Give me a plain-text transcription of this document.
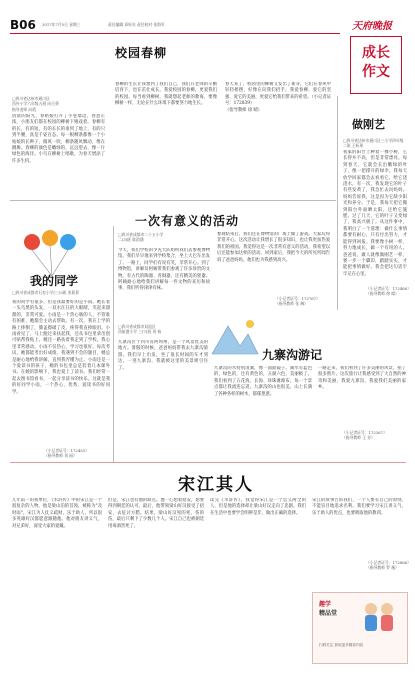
B06 2017年7月5日 星期三	责任编辑 章旺年 责任校对 张海军	天府晚报
成长
作文
校园春柳
□四川省达州市通川区
西外小学六年级五班 向日葵
指导老师 向霞
清晨的阳光，春姑娘打开了小巷墙边，春意正浓，小朋友们都在校园的柳树下嬉戏着。春柳有的长，有的短，有的长长的垂到了地上，有的只到半腰，真是千姿百态。每一根柳条都像一个小姑娘的长辫子，微风一吹，柳条随风飘动，像在跳舞。春柳的颜色是嫩绿的，远远望去，像一片绿色的海洋。小鸟在柳树上唱歌，为春天增添了许多生机。
春柳的生长让我想到了我们自己，我们在老师的辛勤培育下，也在茁壮成长。我爱校园的春柳，更爱我们的校园。每当看到柳树，我就想起老师的教诲，要像柳树一样，无论在什么环境下都要努力地生长。
春天来了，校园里的柳树又发出了新芽，它们在春风中轻轻摇摆，好像在向我们招手。我爱春柳，爱它的坚强，爱它的美丽，更爱它给我们带来的希望。（小记者证号：172839）
（指导教师 徐 晴）
做刚艺
□四川省达州市通川区三小学四年级二班 王昕瑶
我家的阳台上种着一棵小树，它长得并不高，但是非常漂亮。每到春天，它就会长出嫩绿的叶子，像一把撑开的绿伞。我每天放学回家都会去看看它，给它浇浇水。有一次，我发现它的叶子有些发黄了，我急忙去问妈妈。妈妈告诉我，这是因为它缺少阳光和养分。于是，我每天把它搬到阳台外面晒太阳，还给它施肥。过了几天，它的叶子又变绿了，我高兴极了。从这件事中，我明白了一个道理：做什么事情都要有耐心，只有付出努力，才能得到回报。我要像小树一样，努力地成长，做一个有用的人。爸爸说，做人就像做刚艺一样，要一步一个脚印，踏踏实实，才能把事情做好。我会把这句话牢牢记在心里。
（小记者证号：172466）
（指导教师 徐 晴）
一次有意义的活动
□四川省成都市二十五小学
二(3)班 陈韵涵
今天，我们学校的少先大队组织我们去参观博物馆。我们早早地来到学校集合，坐上大巴车出发了。一路上，同学们有说有笑，非常开心。到了博物馆，讲解员阿姨带我们参观了许多珍贵的文物。有古代的陶器、青铜器，还有精美的瓷器。阿姨耐心地给我们讲解每一件文物的来历和故事，我们听得津津有味。
参观结束后，我们还在博物馆的广场上做了游戏。大家玩得非常开心。这次活动让我增长了很多知识，也让我更加热爱我们的祖国。我觉得这是一次非常有意义的活动，我希望以后还能参加这样的活动。回到家后，我把今天的所见所闻告诉了爸爸妈妈，他们也为我感到高兴。
（小记者证号：172767）
（指导教师 张 琳）
我的同学
□四川省成都市石室小学(三)3班 张莉萝
我的同学有很多，但是我最要好的是小雨。她长着一头乌黑的头发，一双水汪汪的大眼睛，笑起来甜甜的，非常可爱。小雨是一个热心肠的人，不管谁有困难，她都会主动去帮助。有一次，我在上学的路上摔倒了，膝盖擦破了皮，疼得我直掉眼泪。小雨看见了，马上跑过来扶起我，还从书包里拿出创可贴帮我贴上。她还一路扶着我走到了学校。我心里非常感动。小雨不仅热心，学习也很好。每次考试，她都能考出好成绩。我遇到不会的题目，她总是耐心地给我讲解，直到我弄懂为止。小雨还是一个爱读书的孩子，她的书包里总是装着几本课外书。在她的影响下，我也爱上了读书。我们经常一起去图书馆看书，一起分享读书的快乐。这就是我的好同学小雨，一个热心、优秀、爱读书的好同学。
（小记者证号：172453）
（指导教师 刘 丽）
九寨沟游记
□四川省成都市双流区
西航港小学 三(7)班 刘 杨
九寨沟位于四川省阿坝州，是一个风景优美的地方。暑假的时候，爸爸妈妈带我去九寨沟旅游。我们早上出发，坐了很长时间的车才到达。一进九寨沟，我就被这里的美景吸引住了。	九寨沟的水特别清澈，像一面面镜子。湖水有蓝色的、绿色的，还有黄色的，五颜六色，美丽极了。我们看到了五花海、长海、珍珠滩瀑布，每一个景点都让我流连忘返。九寨沟的山也很美，山上长满了各种各样的树木，郁郁葱葱。
一路走来，我们看到了许多美丽的风景，拍了很多照片。这次旅行让我感受到了大自然的神奇和美丽，我爱九寨沟，我爱我们美丽的家乡。
（小记者证号：172367）
（指导教师 王 芳）
宋江其人
几年前一的我单位，《水浒传》中的宋江是一个很复杂的人物。他是梁山泊的首领，被称为"及时雨"。宋江为人仗义疏财，乐于助人，所以很多英雄好汉都愿意跟随他。他对朋友讲义气，对兄弟好，深受大家的爱戴。
但是，宋江也有他的缺点。他一心想着招安，想要得到朝廷的认可。最后，他带领梁山好汉接受了招安，去征讨方腊。结果，梁山好汉死的死，伤的伤，最后只剩下了少数几个人。宋江自己也被朝廷用毒酒害死了。
读完《水浒传》，我觉得宋江是一个忠义两全的人，但是他的选择却让梁山好汉走向了悲剧。我们在生活中也要学会明辨是非，做出正确的选择。
宋江的故事告诉我们，一个人要有自己的原则，不能盲目地追求名利。我们要学习宋江讲义气、乐于助人的优点，也要吸取他的教训。
（小记者证号：172866）
（指导教师 罗 薇）
趣学
精品堂
扫码关注 获取更多精彩内容
